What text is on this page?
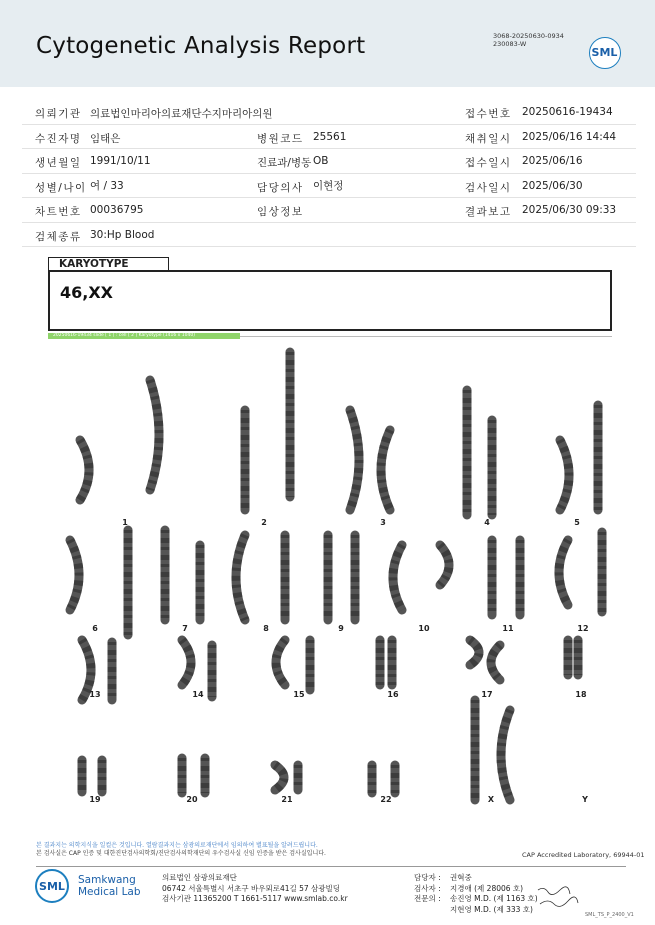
Cytogenetic Analysis Report	3068-20250630-0934
230083-W
SML
의뢰기관 의료법인마리아의료재단수지마리아의원	접수번호 20250616-19434
수진자명 임태은	병원코드 25561	채취일시 2025/06/16 14:44
생년월일 1991/10/11	진료과/병동 OB	접수일시 2025/06/16
성별/나이 여 / 33	담당의사 이현정	검사일시 2025/06/30
차트번호 00036795	임상정보	결과보고 2025/06/30 09:33
검체종류 30:Hp Blood
KARYOTYPE
46,XX
20250616-19434 slide [ 1 ] : cell [ 2 ] Karyotype (1416 x 1040)
1	2	3	4	5
6	7	8	9	10	11	12
13	14	15	16	17	18
19	20	21	22	X	Y
본 결과지는 의학지식을 일컬은 것입니다. 열람결과지는 삼광의료재단에서 임의하여 별표될을 알려드립니다.
본 검사실은 CAP 인증 및 대한진단검사의학회/진단검사의학재단의 우수검사실 신임 인증을 받은 검사실입니다.	CAP Accredited Laboratory, 69944-01
SML Samkwang
Medical Lab
의료법인 삼광의료재단
06742 서울특별시 서초구 바우뫼로41길 57 삼광빌딩
검사기관 11365200 T 1661-5117 www.smlab.co.kr
담당자 : 권혁중
검사자 : 지경애 (제 28006 호)
전문의 : 송진영 M.D. (제 1163 호)
지현영 M.D. (제 333 호)
SML_TS_P_2400_V1
